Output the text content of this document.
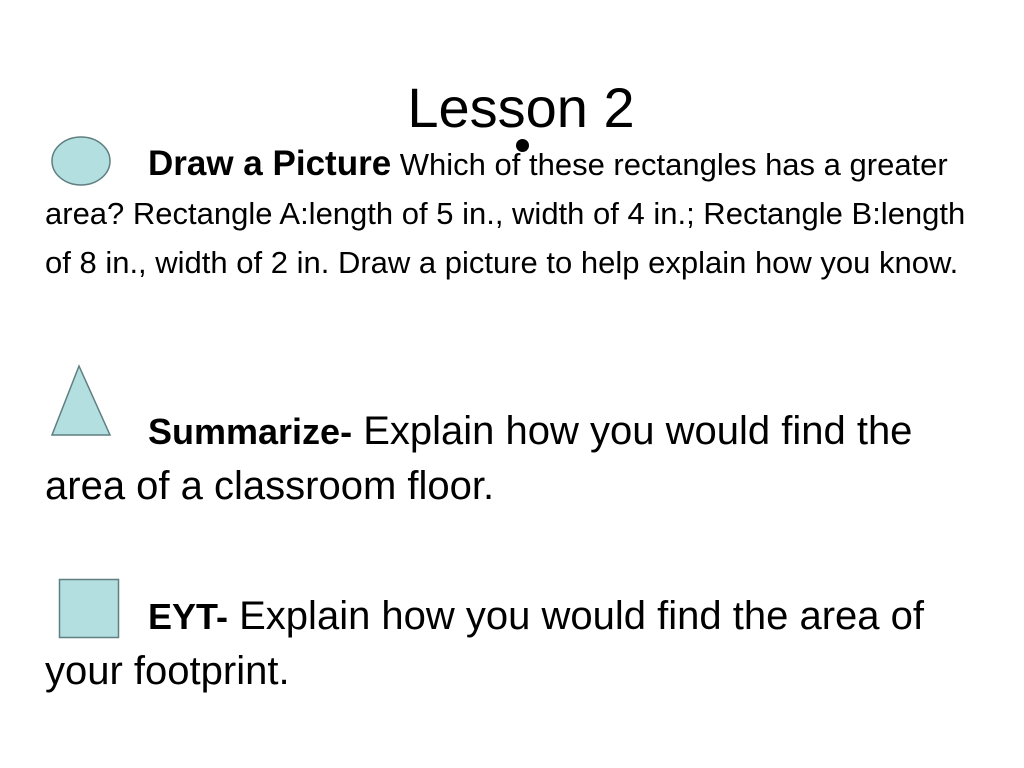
Lesson 2

Draw a Picture Which of these rectangles has a greater area? Rectangle A:length of 5 in., width of 4 in.; Rectangle B:length of 8 in., width of 2 in. Draw a picture to help explain how you know.

Summarize- Explain how you would find the area of a classroom floor.

EYT- Explain how you would find the area of your footprint.
